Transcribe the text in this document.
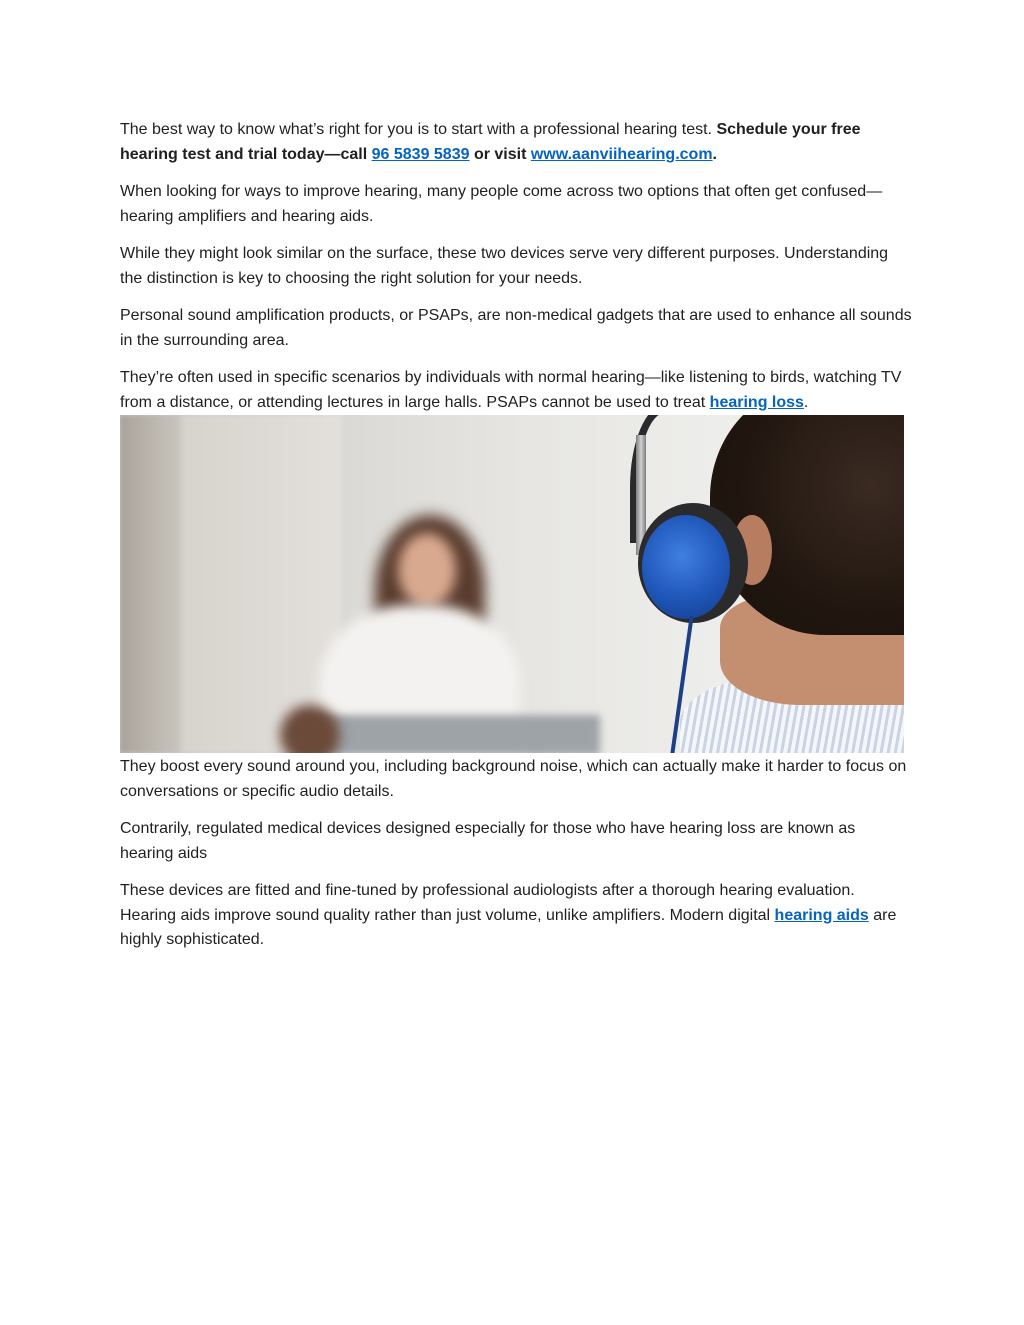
The best way to know what’s right for you is to start with a professional hearing test. Schedule your free hearing test and trial today—call 96 5839 5839 or visit www.aanviihearing.com.

When looking for ways to improve hearing, many people come across two options that often get confused—hearing amplifiers and hearing aids.

While they might look similar on the surface, these two devices serve very different purposes. Understanding the distinction is key to choosing the right solution for your needs.

Personal sound amplification products, or PSAPs, are non-medical gadgets that are used to enhance all sounds in the surrounding area.

They’re often used in specific scenarios by individuals with normal hearing—like listening to birds, watching TV from a distance, or attending lectures in large halls. PSAPs cannot be used to treat hearing loss.

They boost every sound around you, including background noise, which can actually make it harder to focus on conversations or specific audio details.

Contrarily, regulated medical devices designed especially for those who have hearing loss are known as hearing aids

These devices are fitted and fine-tuned by professional audiologists after a thorough hearing evaluation. Hearing aids improve sound quality rather than just volume, unlike amplifiers. Modern digital hearing aids are highly sophisticated.
